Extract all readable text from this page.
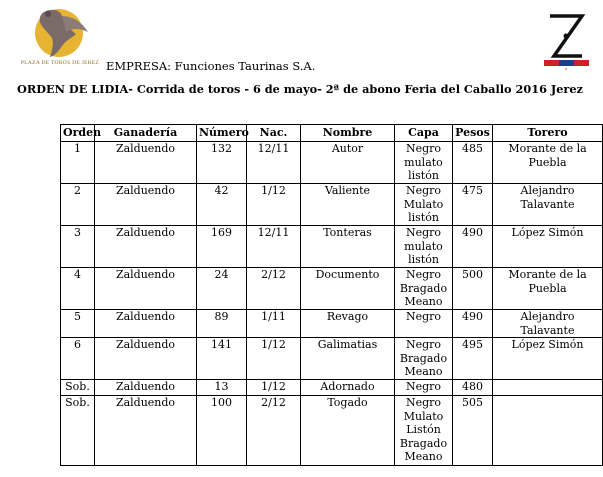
PLAZA DE TOROS DE JEREZ EMPRESA: Funciones Taurinas S.A.	Z
ORDEN DE LIDIA- Corrida de toros - 6 de mayo- 2ª de abono Feria del Caballo 2016 Jerez
Orden	Ganadería	Número	Nac.	Nombre	Capa	Pesos	Torero
1	Zalduendo	132	12/11	Autor	Negro
mulato
listón	485	Morante de la Puebla
2	Zalduendo	42	1/12	Valiente	Negro
Mulato
listón	475	Alejandro Talavante
3	Zalduendo	169	12/11	Tonteras	Negro
mulato
listón	490	López Simón
4	Zalduendo	24	2/12	Documento	Negro
Bragado
Meano	500	Morante de la Puebla
5	Zalduendo	89	1/11	Revago	Negro	490	Alejandro Talavante
6	Zalduendo	141	1/12	Galimatias	Negro
Bragado
Meano	495	López Simón
Sob.	Zalduendo	13	1/12	Adornado	Negro	480	
Sob.	Zalduendo	100	2/12	Togado	Negro
Mulato
Listón
Bragado
Meano	505	
